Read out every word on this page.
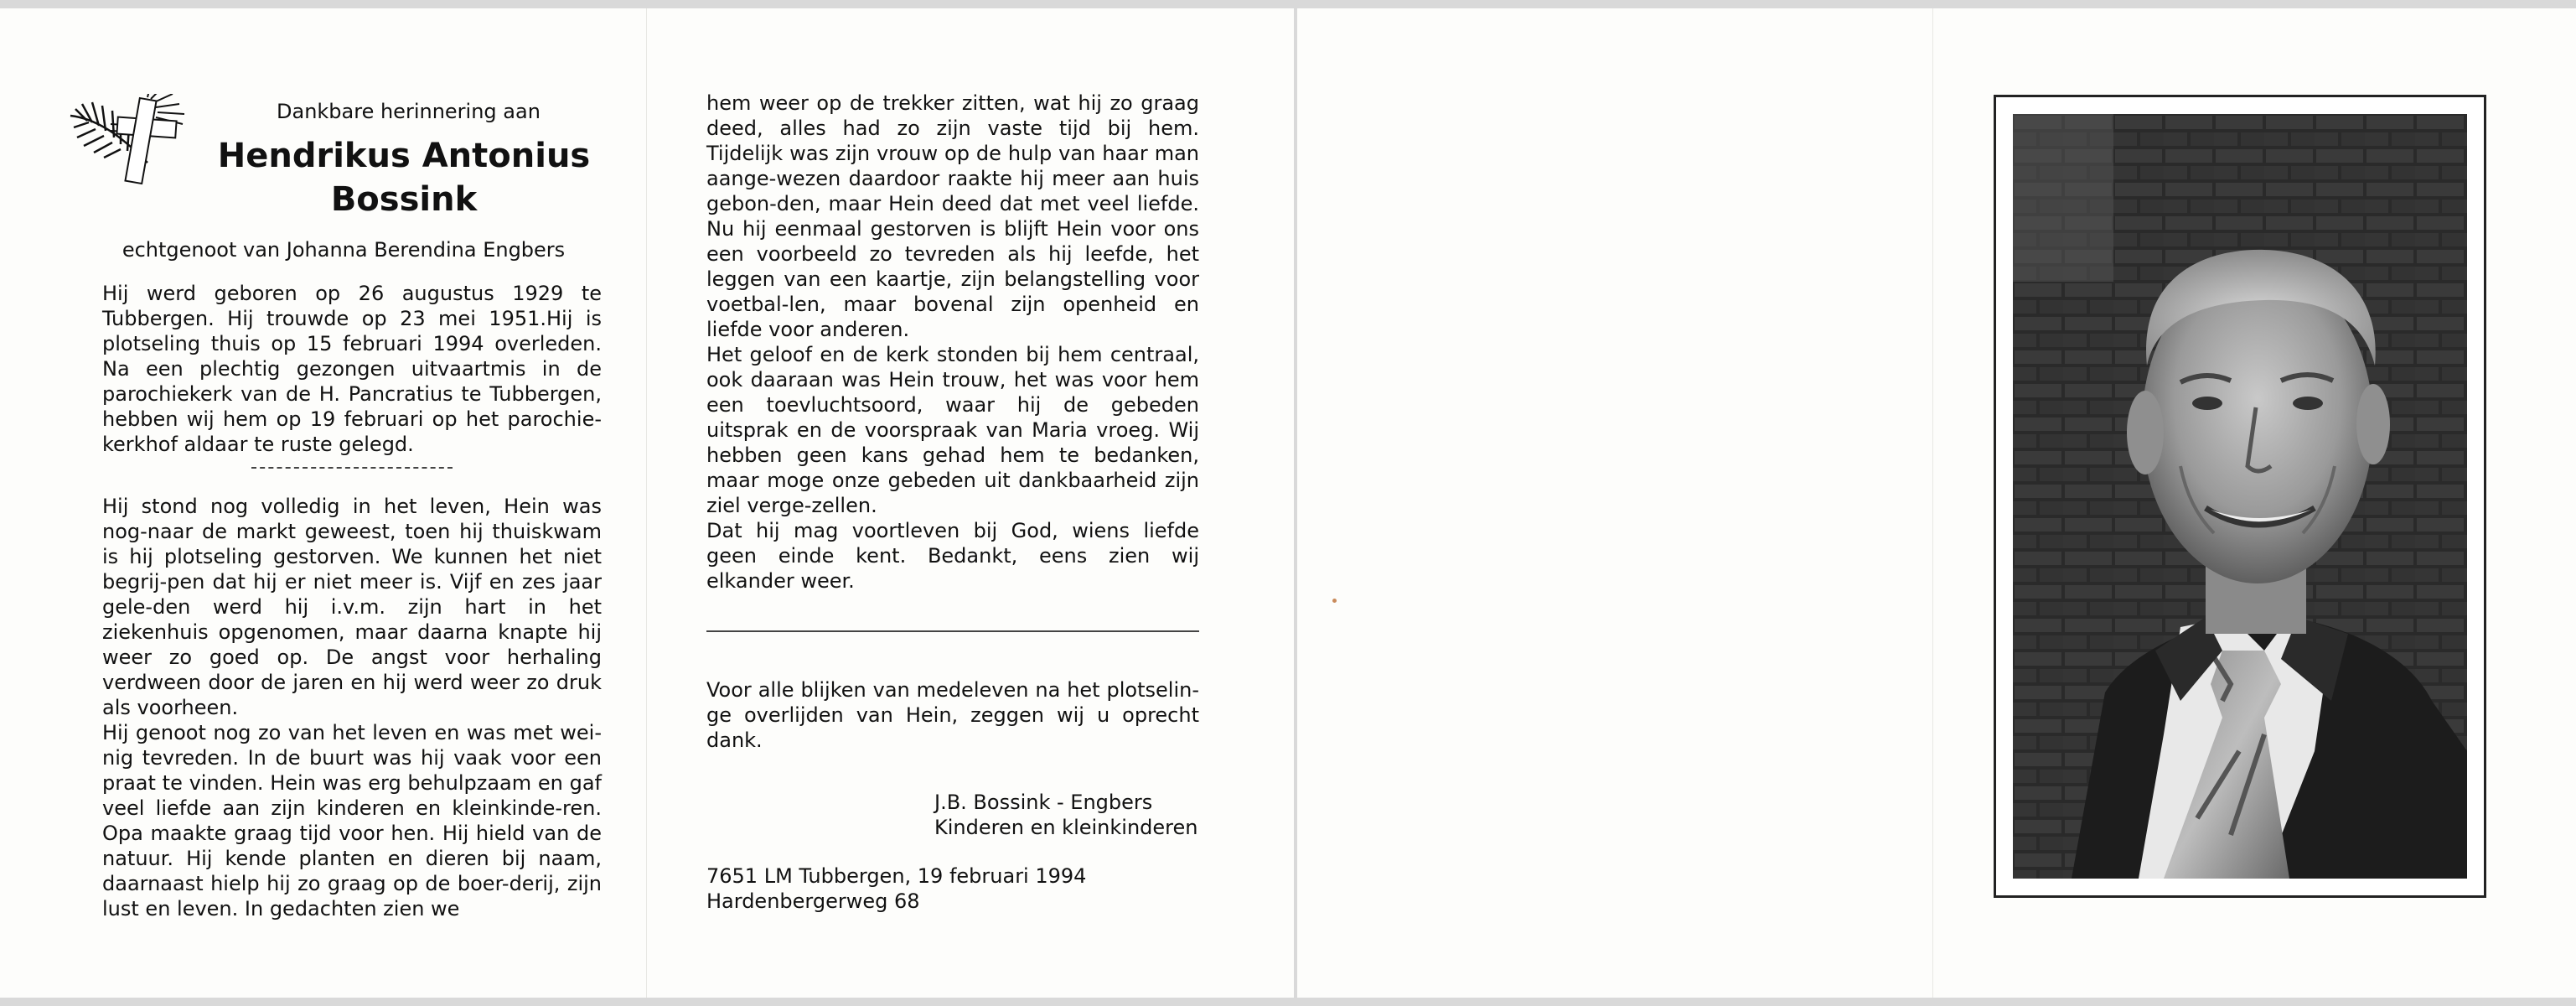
Dankbare herinnering aan
Hendrikus Antonius
Bossink
echtgenoot van Johanna Berendina Engbers

Hij werd geboren op 26 augustus 1929 te Tubbergen. Hij trouwde op 23 mei 1951.Hij is plotseling thuis op 15 februari 1994 overleden. Na een plechtig gezongen uitvaartmis in de parochiekerk van de H. Pancratius te Tubbergen, hebben wij hem op 19 februari op het parochie-kerkhof aldaar te ruste gelegd.

Hij stond nog volledig in het leven, Hein was nog-naar de markt geweest, toen hij thuiskwam is hij plotseling gestorven. We kunnen het niet begrij-pen dat hij er niet meer is. Vijf en zes jaar gele-den werd hij i.v.m. zijn hart in het ziekenhuis opgenomen, maar daarna knapte hij weer zo goed op. De angst voor herhaling verdween door de jaren en hij werd weer zo druk als voorheen.

Hij genoot nog zo van het leven en was met wei-nig tevreden. In de buurt was hij vaak voor een praat te vinden. Hein was erg behulpzaam en gaf veel liefde aan zijn kinderen en kleinkinde-ren. Opa maakte graag tijd voor hen. Hij hield van de natuur. Hij kende planten en dieren bij naam, daarnaast hielp hij zo graag op de boer-derij, zijn lust en leven. In gedachten zien we

hem weer op de trekker zitten, wat hij zo graag deed, alles had zo zijn vaste tijd bij hem. Tijdelijk was zijn vrouw op de hulp van haar man aange-wezen daardoor raakte hij meer aan huis gebon-den, maar Hein deed dat met veel liefde. Nu hij eenmaal gestorven is blijft Hein voor ons een voorbeeld zo tevreden als hij leefde, het leggen van een kaartje, zijn belangstelling voor voetbal-len, maar bovenal zijn openheid en liefde voor anderen.

Het geloof en de kerk stonden bij hem centraal, ook daaraan was Hein trouw, het was voor hem een toevluchtsoord, waar hij de gebeden uitsprak en de voorspraak van Maria vroeg. Wij hebben geen kans gehad hem te bedanken, maar moge onze gebeden uit dankbaarheid zijn ziel verge-zellen.

Dat hij mag voortleven bij God, wiens liefde geen einde kent. Bedankt, eens zien wij elkander weer.

Voor alle blijken van medeleven na het plotselin-ge overlijden van Hein, zeggen wij u oprecht dank.

J.B. Bossink - Engbers
Kinderen en kleinkinderen
7651 LM Tubbergen, 19 februari 1994
Hardenbergerweg 68
